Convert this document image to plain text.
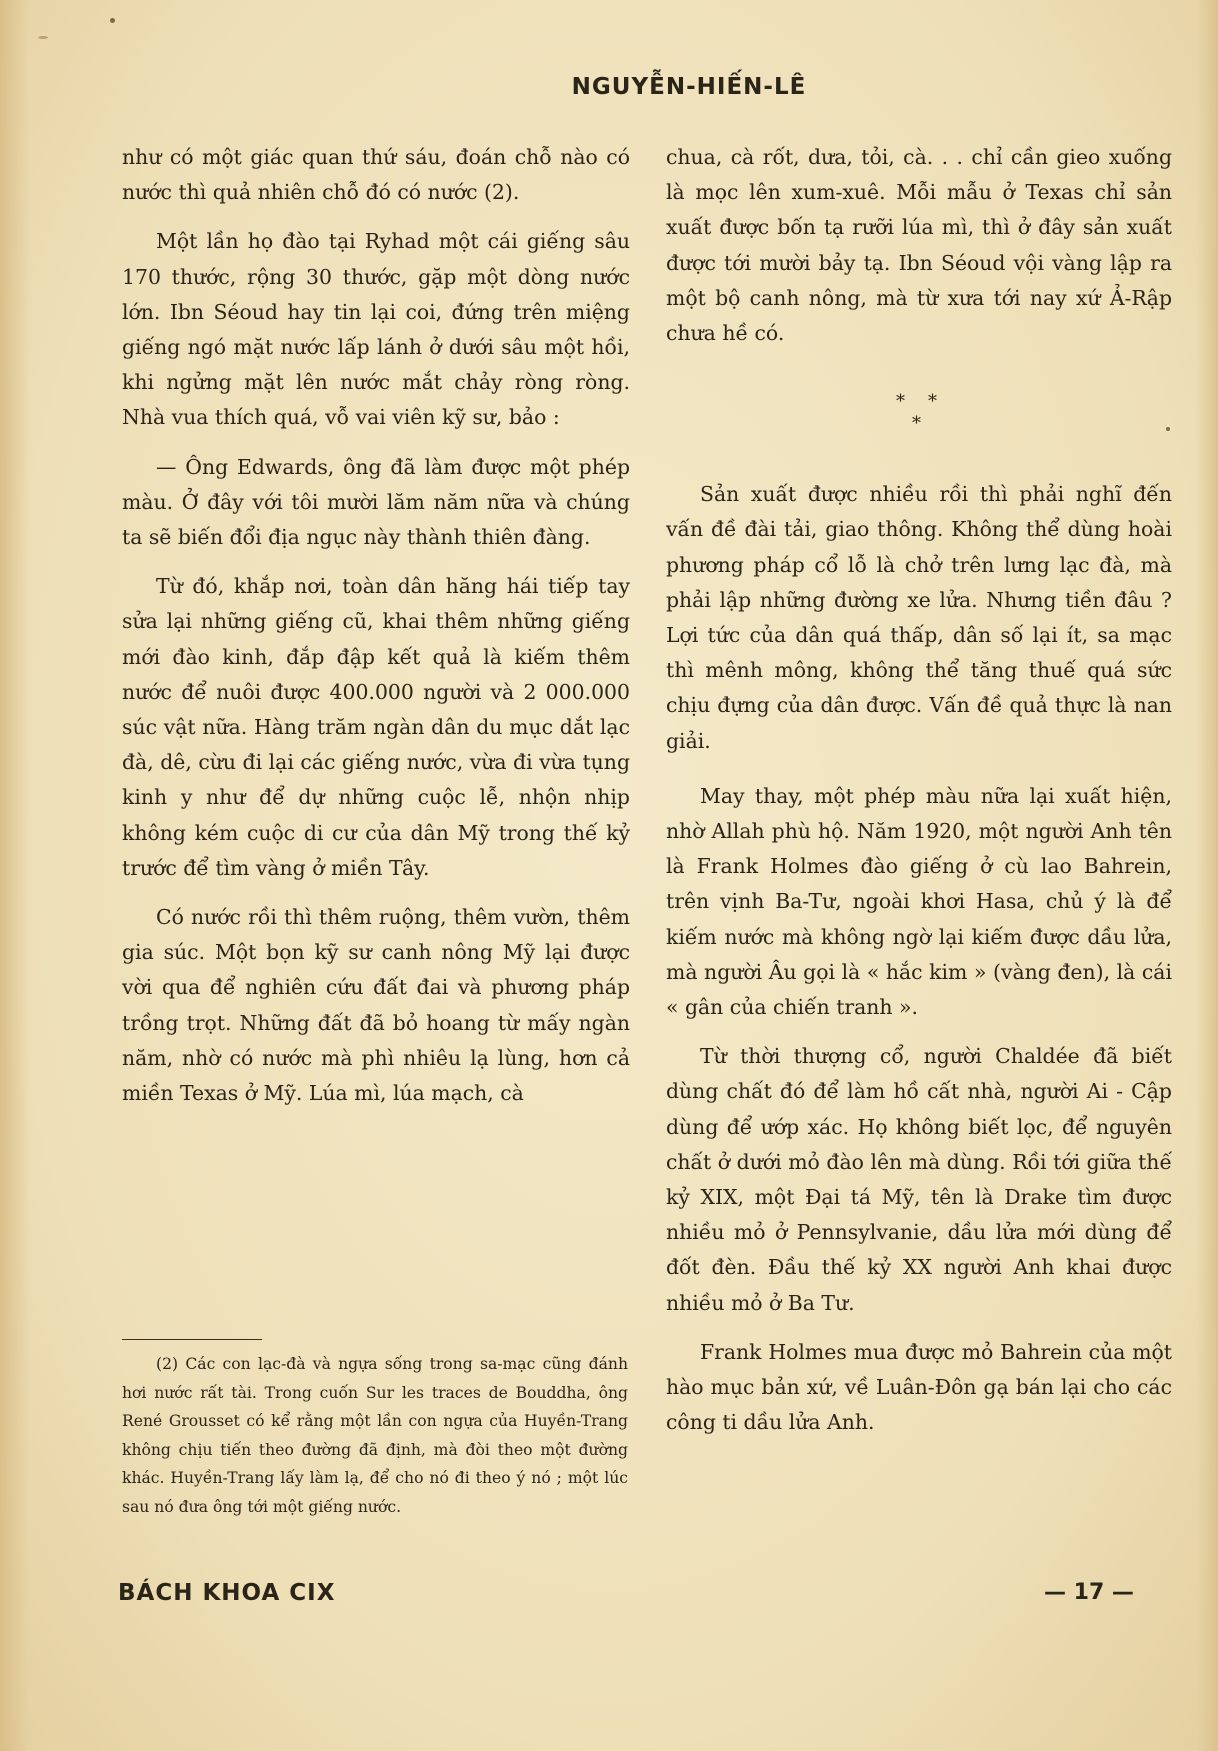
NGUYỄN-HIẾN-LÊ

như có một giác quan thứ sáu, đoán chỗ nào có nước thì quả nhiên chỗ đó có nước (2).

Một lần họ đào tại Ryhad một cái giếng sâu 170 thước, rộng 30 thước, gặp một dòng nước lớn. Ibn Séoud hay tin lại coi, đứng trên miệng giếng ngó mặt nước lấp lánh ở dưới sâu một hồi, khi ngửng mặt lên nước mắt chảy ròng ròng. Nhà vua thích quá, vỗ vai viên kỹ sư, bảo :

— Ông Edwards, ông đã làm được một phép màu. Ở đây với tôi mười lăm năm nữa và chúng ta sẽ biến đổi địa ngục này thành thiên đàng.

Từ đó, khắp nơi, toàn dân hăng hái tiếp tay sửa lại những giếng cũ, khai thêm những giếng mới đào kinh, đắp đập kết quả là kiếm thêm nước để nuôi được 400.000 người và 2 000.000 súc vật nữa. Hàng trăm ngàn dân du mục dắt lạc đà, dê, cừu đi lại các giếng nước, vừa đi vừa tụng kinh y như để dự những cuộc lễ, nhộn nhịp không kém cuộc di cư của dân Mỹ trong thế kỷ trước để tìm vàng ở miền Tây.

Có nước rồi thì thêm ruộng, thêm vườn, thêm gia súc. Một bọn kỹ sư canh nông Mỹ lại được vời qua để nghiên cứu đất đai và phương pháp trồng trọt. Những đất đã bỏ hoang từ mấy ngàn năm, nhờ có nước mà phì nhiêu lạ lùng, hơn cả miền Texas ở Mỹ. Lúa mì, lúa mạch, cà

(2) Các con lạc-đà và ngựa sống trong sa-mạc cũng đánh hơi nước rất tài. Trong cuốn Sur les traces de Bouddha, ông René Grousset có kể rằng một lần con ngựa của Huyền-Trang không chịu tiến theo đường đã định, mà đòi theo một đường khác. Huyền-Trang lấy làm lạ, để cho nó đi theo ý nó ; một lúc sau nó đưa ông tới một giếng nước.

chua, cà rốt, dưa, tỏi, cà. . . chỉ cần gieo xuống là mọc lên xum-xuê. Mỗi mẫu ở Texas chỉ sản xuất được bốn tạ rưỡi lúa mì, thì ở đây sản xuất được tới mười bảy tạ. Ibn Séoud vội vàng lập ra một bộ canh nông, mà từ xưa tới nay xứ Ả-Rập chưa hề có.

* *
*

Sản xuất được nhiều rồi thì phải nghĩ đến vấn đề đài tải, giao thông. Không thể dùng hoài phương pháp cổ lỗ là chở trên lưng lạc đà, mà phải lập những đường xe lửa. Nhưng tiền đâu ? Lợi tức của dân quá thấp, dân số lại ít, sa mạc thì mênh mông, không thể tăng thuế quá sức chịu đựng của dân được. Vấn đề quả thực là nan giải.

May thay, một phép màu nữa lại xuất hiện, nhờ Allah phù hộ. Năm 1920, một người Anh tên là Frank Holmes đào giếng ở cù lao Bahrein, trên vịnh Ba-Tư, ngoài khơi Hasa, chủ ý là để kiếm nước mà không ngờ lại kiếm được dầu lửa, mà người Âu gọi là « hắc kim » (vàng đen), là cái « gân của chiến tranh ».

Từ thời thượng cổ, người Chaldée đã biết dùng chất đó để làm hồ cất nhà, người Ai - Cập dùng để ướp xác. Họ không biết lọc, để nguyên chất ở dưới mỏ đào lên mà dùng. Rồi tới giữa thế kỷ XIX, một Đại tá Mỹ, tên là Drake tìm được nhiều mỏ ở Pennsylvanie, dầu lửa mới dùng để đốt đèn. Đầu thế kỷ XX người Anh khai được nhiều mỏ ở Ba Tư.

Frank Holmes mua được mỏ Bahrein của một hào mục bản xứ, về Luân-Đôn gạ bán lại cho các công ti dầu lửa Anh.

BÁCH KHOA CIX	— 17 —
